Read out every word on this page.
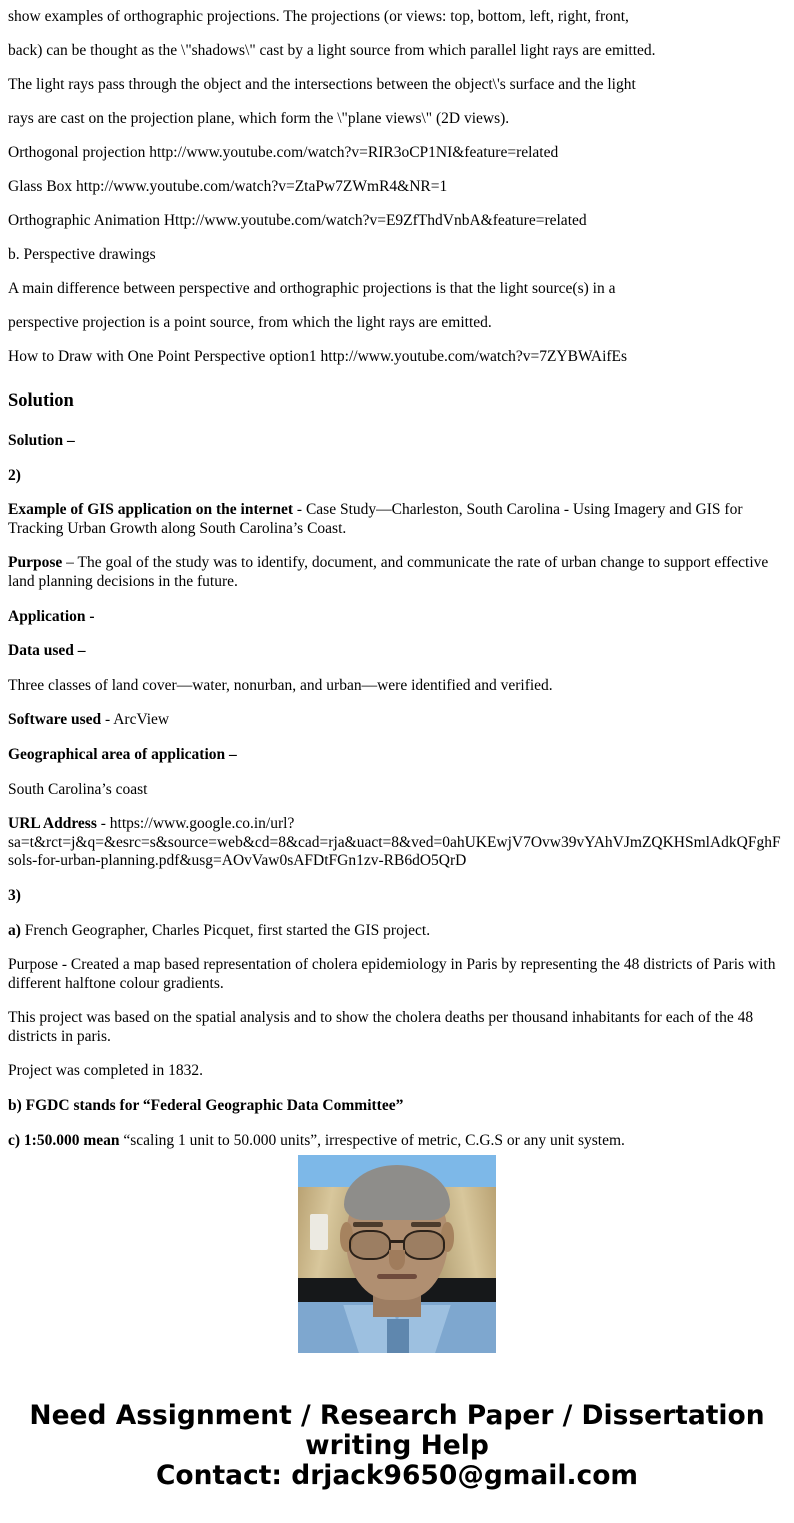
show examples of orthographic projections. The projections (or views: top, bottom, left, right, front,

back) can be thought as the \"shadows\" cast by a light source from which parallel light rays are emitted.

The light rays pass through the object and the intersections between the object\'s surface and the light

rays are cast on the projection plane, which form the \"plane views\" (2D views).

Orthogonal projection http://www.youtube.com/watch?v=RIR3oCP1NI&feature=related

Glass Box http://www.youtube.com/watch?v=ZtaPw7ZWmR4&NR=1

Orthographic Animation Http://www.youtube.com/watch?v=E9ZfThdVnbA&feature=related

b. Perspective drawings

A main difference between perspective and orthographic projections is that the light source(s) in a

perspective projection is a point source, from which the light rays are emitted.

How to Draw with One Point Perspective option1 http://www.youtube.com/watch?v=7ZYBWAifEs

Solution

Solution –

2)

Example of GIS application on the internet - Case Study—Charleston, South Carolina - Using Imagery and GIS for Tracking Urban Growth along South Carolina’s Coast.

Purpose – The goal of the study was to identify, document, and communicate the rate of urban change to support effective land planning decisions in the future.

Application -

Data used –

Three classes of land cover—water, nonurban, and urban—were identified and verified.

Software used - ArcView

Geographical area of application –

South Carolina’s coast

URL Address - https://www.google.co.in/url?
sa=t&rct=j&q=&esrc=s&source=web&cd=8&cad=rja&uact=8&ved=0ahUKEwjV7Ovw39vYAhVJmZQKHSmlAdkQFghF
sols-for-urban-planning.pdf&usg=AOvVaw0sAFDtFGn1zv-RB6dO5QrD

3)

a) French Geographer, Charles Picquet, first started the GIS project.

Purpose - Created a map based representation of cholera epidemiology in Paris by representing the 48 districts of Paris with different halftone colour gradients.

This project was based on the spatial analysis and to show the cholera deaths per thousand inhabitants for each of the 48 districts in paris.

Project was completed in 1832.

b) FGDC stands for “Federal Geographic Data Committee”

c) 1:50.000 mean “scaling 1 unit to 50.000 units”, irrespective of metric, C.G.S or any unit system.

Need Assignment / Research Paper / Dissertation
writing Help
Contact: drjack9650@gmail.com
